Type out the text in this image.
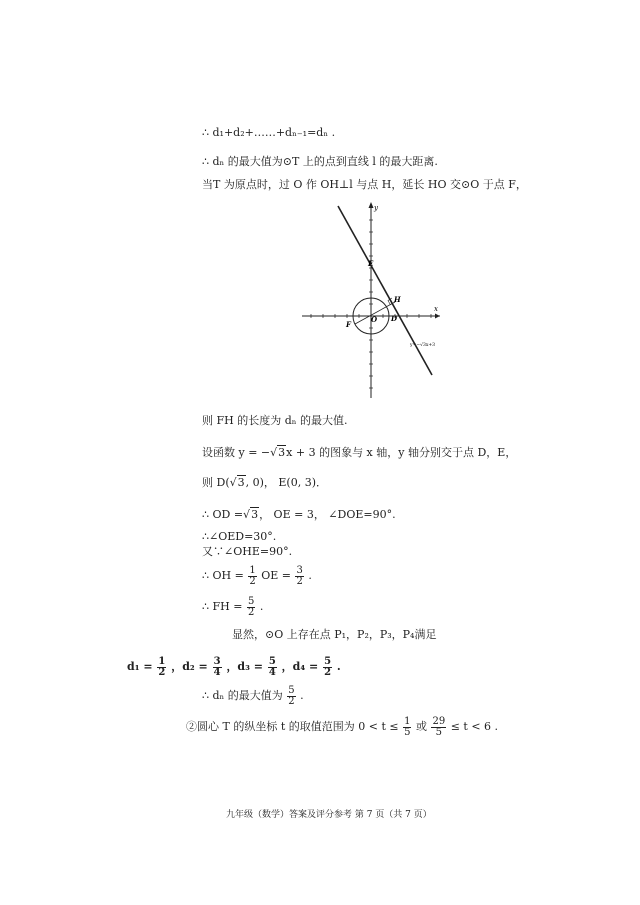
∴ d₁+d₂+……+dₙ₋₁=dₙ .
∴ dₙ 的最大值为⊙T 上的点到直线 l 的最大距离.
当T 为原点时，过 O 作 OH⊥l 与点 H，延长 HO 交⊙O 于点 F，
y
x
E
H
O D
F
y=−√3x+3
则 FH 的长度为 dₙ 的最大值.
设函数 y = −√3x + 3 的图象与 x 轴，y 轴分别交于点 D，E，
则 D(√3, 0)， E(0, 3)．
∴ OD =√3， OE = 3， ∠DOE=90°.
∴∠OED=30°.
又∵∠OHE=90°.
∴ OH = $\frac{1}{2}$ OE = $\frac{3}{2}$ .
∴ FH = $\frac{5}{2}$ .
显然，⊙O 上存在点 P₁，P₂，P₃，P₄满足
$d_1 = \frac{1}{2}$ ，$d_2 = \frac{3}{4}$ ，$d_3 = \frac{5}{4}$ ，$d_4 = \frac{5}{2}$ .
∴ dₙ 的最大值为 $\frac{5}{2}$ .
②圆心 T 的纵坐标 t 的取值范围为 $0 < t \le \frac{1}{5}$ 或 $\frac{29}{5} \le t < 6$ .
九年级（数学）答案及评分参考 第 7 页（共 7 页）
